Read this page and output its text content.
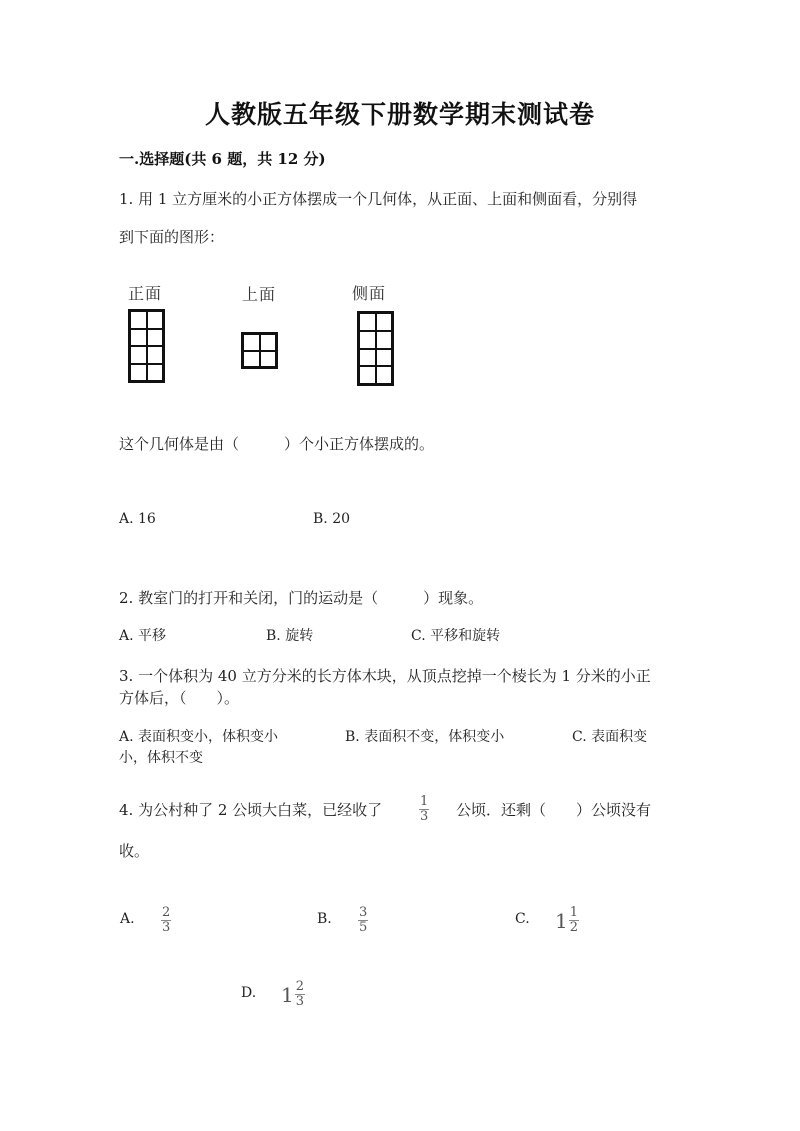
人教版五年级下册数学期末测试卷
一.选择题(共 6 题，共 12 分)
1. 用 1 立方厘米的小正方体摆成一个几何体，从正面、上面和侧面看，分别得
到下面的图形：
正面	上面	侧面
这个几何体是由（　　　）个小正方体摆成的。
A. 16	B. 20
2. 教室门的打开和关闭，门的运动是（　　　）现象。
A. 平移	B. 旋转	C. 平移和旋转
3. 一个体积为 40 立方分米的长方体木块，从顶点挖掉一个棱长为 1 分米的小正
方体后，（　　）。
A. 表面积变小，体积变小	B. 表面积不变，体积变小	C. 表面积变
小，体积不变
4. 为公村种了 2 公顷大白菜，已经收了	$\frac{1}{3}$ 公顷．还剩（　　）公顷没有
收。
A. $\frac{2}{3}$	B. $\frac{3}{5}$	C. $1 \frac{1}{2}$
D. $1 \frac{2}{3}$
